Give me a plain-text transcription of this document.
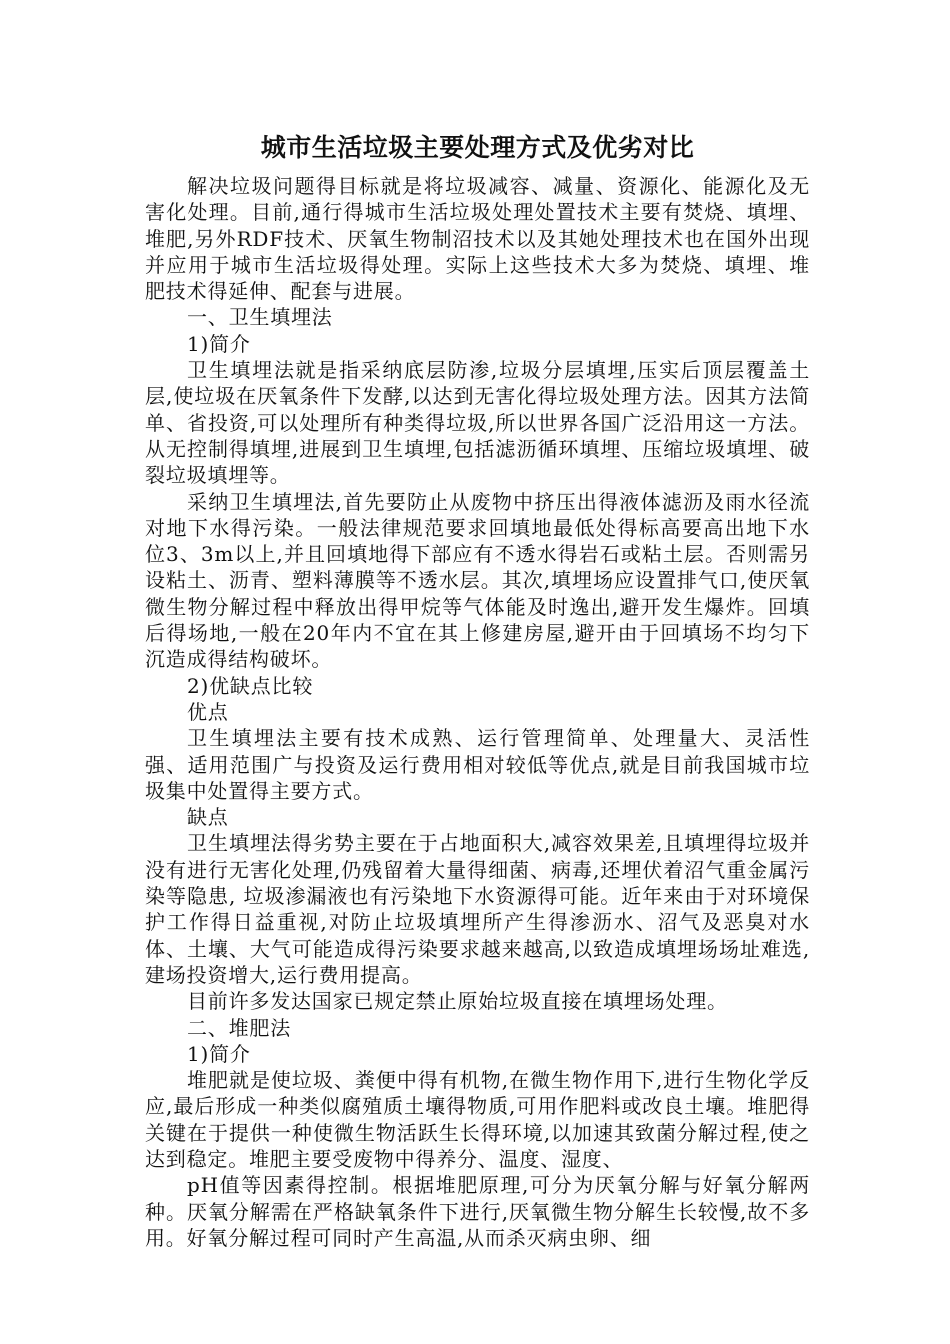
城市生活垃圾主要处理方式及优劣对比

解决垃圾问题得目标就是将垃圾减容、减量、资源化、能源化及无害化处理。目前,通行得城市生活垃圾处理处置技术主要有焚烧、填埋、堆肥,另外RDF技术、厌氧生物制沼技术以及其她处理技术也在国外出现并应用于城市生活垃圾得处理。实际上这些技术大多为焚烧、填埋、堆肥技术得延伸、配套与进展。

一、卫生填埋法

1)简介

卫生填埋法就是指采纳底层防渗,垃圾分层填埋,压实后顶层覆盖土层,使垃圾在厌氧条件下发酵,以达到无害化得垃圾处理方法。因其方法简单、省投资,可以处理所有种类得垃圾,所以世界各国广泛沿用这一方法。从无控制得填埋,进展到卫生填埋,包括滤沥循环填埋、压缩垃圾填埋、破裂垃圾填埋等。

采纳卫生填埋法,首先要防止从废物中挤压出得液体滤沥及雨水径流对地下水得污染。一般法律规范要求回填地最低处得标高要高出地下水位3、3m以上,并且回填地得下部应有不透水得岩石或粘土层。否则需另设粘土、沥青、塑料薄膜等不透水层。其次,填埋场应设置排气口,使厌氧微生物分解过程中释放出得甲烷等气体能及时逸出,避开发生爆炸。回填后得场地,一般在20年内不宜在其上修建房屋,避开由于回填场不均匀下沉造成得结构破坏。

2)优缺点比较

优点

卫生填埋法主要有技术成熟、运行管理简单、处理量大、灵活性强、适用范围广与投资及运行费用相对较低等优点,就是目前我国城市垃圾集中处置得主要方式。

缺点

卫生填埋法得劣势主要在于占地面积大,减容效果差,且填埋得垃圾并没有进行无害化处理,仍残留着大量得细菌、病毒,还埋伏着沼气重金属污染等隐患, 垃圾渗漏液也有污染地下水资源得可能。近年来由于对环境保护工作得日益重视,对防止垃圾填埋所产生得渗沥水、沼气及恶臭对水体、土壤、大气可能造成得污染要求越来越高,以致造成填埋场场址难选,建场投资增大,运行费用提高。

目前许多发达国家已规定禁止原始垃圾直接在填埋场处理。

二、堆肥法

1)简介

堆肥就是使垃圾、粪便中得有机物,在微生物作用下,进行生物化学反应,最后形成一种类似腐殖质土壤得物质,可用作肥料或改良土壤。堆肥得关键在于提供一种使微生物活跃生长得环境,以加速其致菌分解过程,使之达到稳定。堆肥主要受废物中得养分、温度、湿度、

pH值等因素得控制。根据堆肥原理,可分为厌氧分解与好氧分解两种。厌氧分解需在严格缺氧条件下进行,厌氧微生物分解生长较慢,故不多用。好氧分解过程可同时产生高温,从而杀灭病虫卵、细
